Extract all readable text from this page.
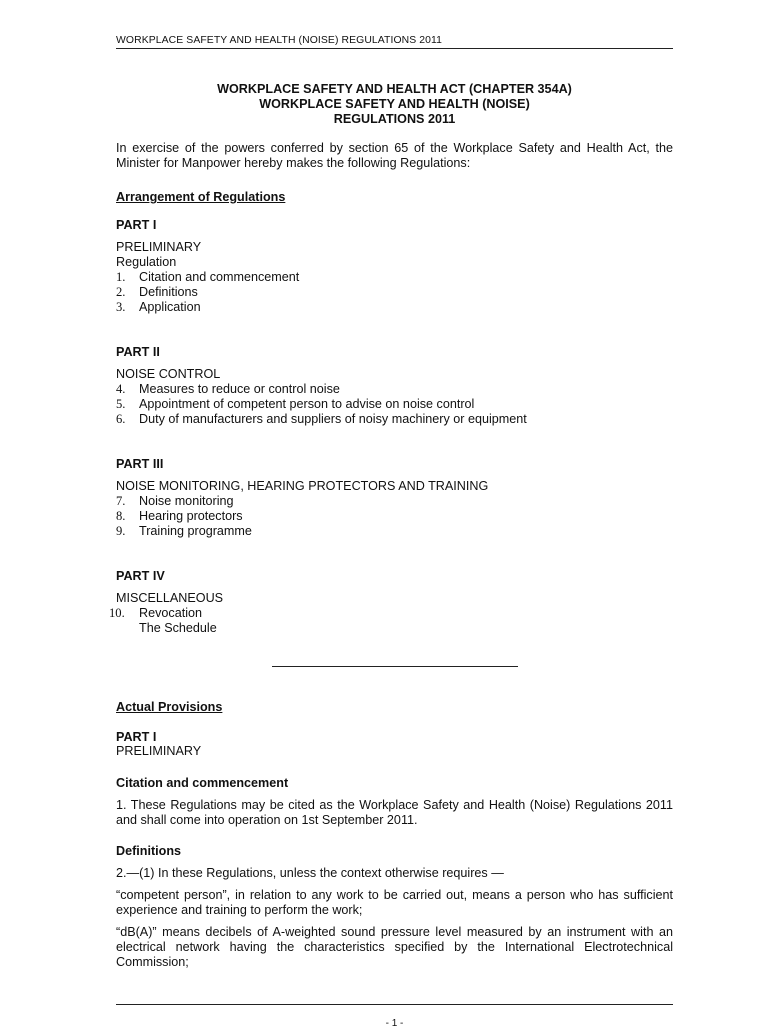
WORKPLACE SAFETY AND HEALTH (NOISE) REGULATIONS 2011
WORKPLACE SAFETY AND HEALTH ACT (CHAPTER 354A)
WORKPLACE SAFETY AND HEALTH (NOISE)
REGULATIONS 2011
In exercise of the powers conferred by section 65 of the Workplace Safety and Health Act, the Minister for Manpower hereby makes the following Regulations:
Arrangement of Regulations
PART I
PRELIMINARY
Regulation
1. Citation and commencement
2. Definitions
3. Application
PART II
NOISE CONTROL
4. Measures to reduce or control noise
5. Appointment of competent person to advise on noise control
6. Duty of manufacturers and suppliers of noisy machinery or equipment
PART III
NOISE MONITORING, HEARING PROTECTORS AND TRAINING
7. Noise monitoring
8. Hearing protectors
9. Training programme
PART IV
MISCELLANEOUS
10. Revocation
The Schedule
Actual Provisions
PART I
PRELIMINARY
Citation and commencement
1. These Regulations may be cited as the Workplace Safety and Health (Noise) Regulations 2011 and shall come into operation on 1st September 2011.
Definitions
2.—(1) In these Regulations, unless the context otherwise requires —
“competent person”, in relation to any work to be carried out, means a person who has sufficient experience and training to perform the work;
“dB(A)” means decibels of A-weighted sound pressure level measured by an instrument with an electrical network having the characteristics specified by the International Electrotechnical Commission;
- 1 -
